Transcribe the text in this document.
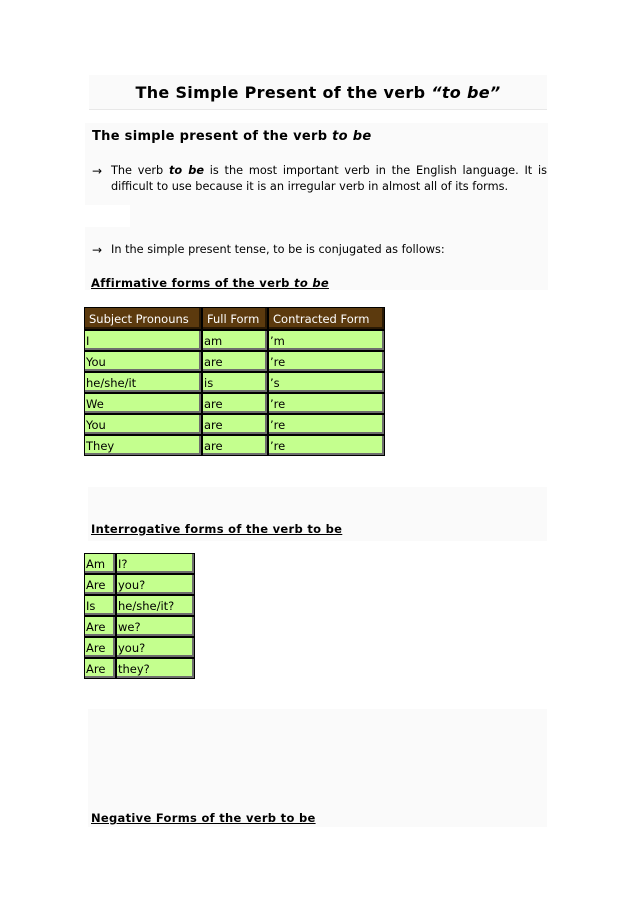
The Simple Present of the verb “to be”
The simple present of the verb to be
→ The verb to be is the most important verb in the English language. It is difficult to use because it is an irregular verb in almost all of its forms.
→ In the simple present tense, to be is conjugated as follows:
Affirmative forms of the verb to be
Subject Pronouns	Full Form	Contracted Form
I	am	’m
You	are	’re
he/she/it	is	’s
We	are	’re
You	are	’re
They	are	’re
Interrogative forms of the verb to be
Am	I?
Are	you?
Is	he/she/it?
Are	we?
Are	you?
Are	they?
Negative Forms of the verb to be
